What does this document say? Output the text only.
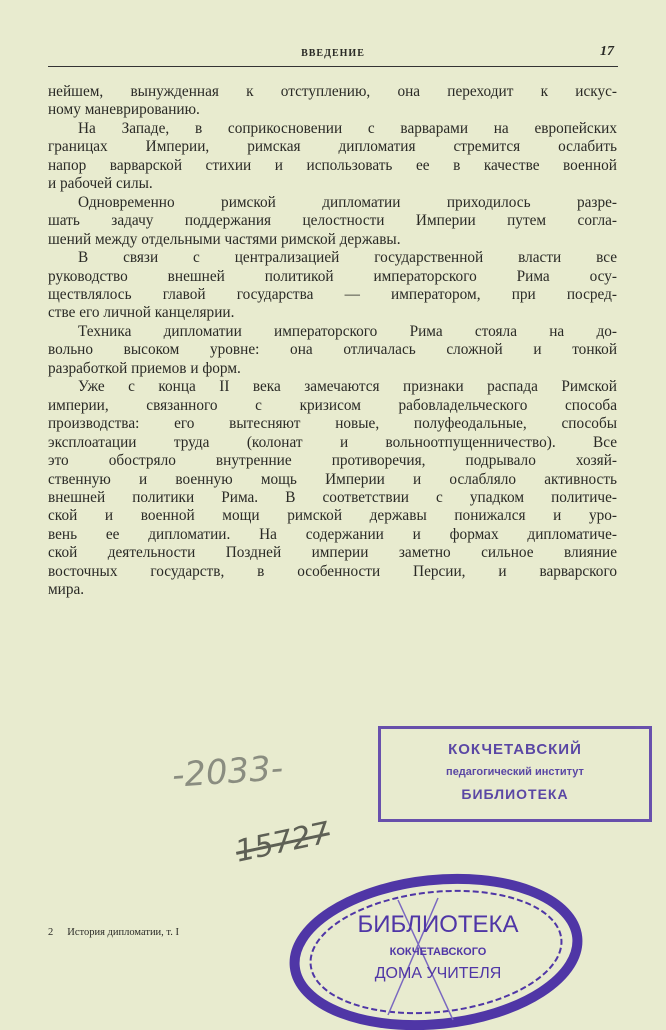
ВВЕДЕНИЕ	17
нейшем, вынужденная к отступлению, она переходит к искус-
ному маневрированию.
На Западе, в соприкосновении с варварами на европейских
границах Империи, римская дипломатия стремится ослабить
напор варварской стихии и использовать ее в качестве военной
и рабочей силы.
Одновременно римской дипломатии приходилось разре-
шать задачу поддержания целостности Империи путем согла-
шений между отдельными частями римской державы.
В связи с централизацией государственной власти все
руководство внешней политикой императорского Рима осу-
ществлялось главой государства — императором, при посред-
стве его личной канцелярии.
Техника дипломатии императорского Рима стояла на до-
вольно высоком уровне: она отличалась сложной и тонкой
разработкой приемов и форм.
Уже с конца II века замечаются признаки распада Римской
империи, связанного с кризисом рабовладельческого способа
производства: его вытесняют новые, полуфеодальные, способы
эксплоатации труда (колонат и вольноотпущенничество). Все
это обостряло внутренние противоречия, подрывало хозяй-
ственную и военную мощь Империи и ослабляло активность
внешней политики Рима. В соответствии с упадком политиче-
ской и военной мощи римской державы понижался и уро-
вень ее дипломатии. На содержании и формах дипломатиче-
ской деятельности Поздней империи заметно сильное влияние
восточных государств, в особенности Персии, и варварского
мира.
2 История дипломатии, т. I
-2033-
15727
КОКЧЕТАВСКИЙ
педагогический институт
БИБЛИОТЕКА
БИБЛИОТЕКА
КОКЧЕТАВСКОГО
ДОМА УЧИТЕЛЯ
